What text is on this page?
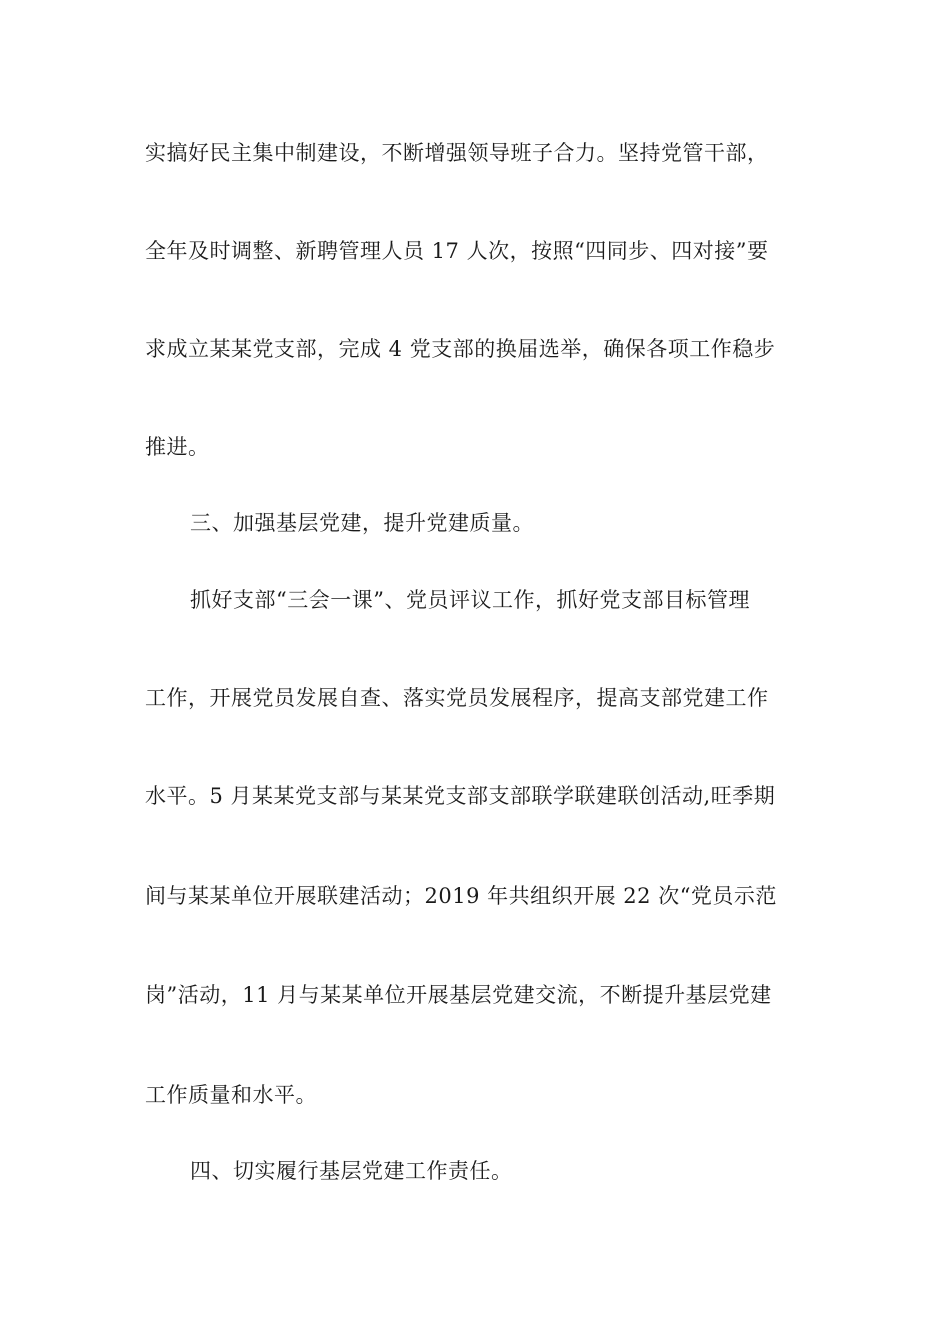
实搞好民主集中制建设，不断增强领导班子合力。坚持党管干部，
全年及时调整、新聘管理人员 17 人次，按照“四同步、四对接”要
求成立某某党支部，完成 4 党支部的换届选举，确保各项工作稳步
推进。
三、加强基层党建，提升党建质量。
抓好支部“三会一课”、党员评议工作，抓好党支部目标管理
工作，开展党员发展自查、落实党员发展程序，提高支部党建工作
水平。5 月某某党支部与某某党支部支部联学联建联创活动,旺季期
间与某某单位开展联建活动；2019 年共组织开展 22 次“党员示范
岗”活动，11 月与某某单位开展基层党建交流，不断提升基层党建
工作质量和水平。
四、切实履行基层党建工作责任。
